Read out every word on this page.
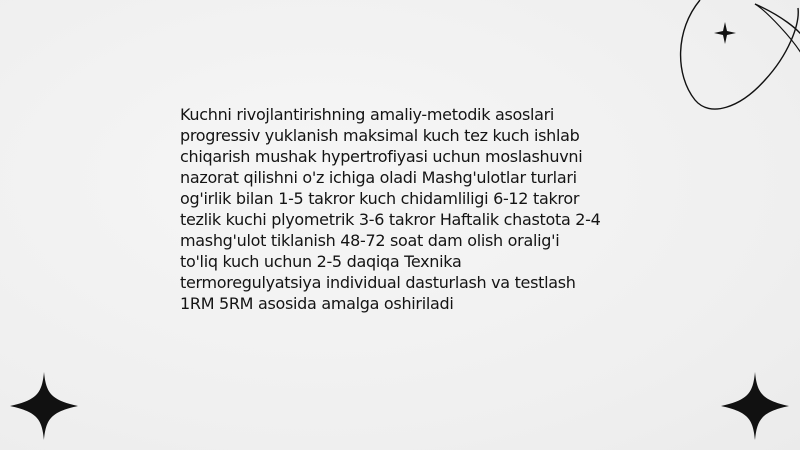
Kuchni rivojlantirishning amaliy-metodik asoslari
progressiv yuklanish maksimal kuch tez kuch ishlab
chiqarish mushak hypertrofiyasi uchun moslashuvni
nazorat qilishni o'z ichiga oladi Mashg'ulotlar turlari
og'irlik bilan 1-5 takror kuch chidamliligi 6-12 takror
tezlik kuchi plyometrik 3-6 takror Haftalik chastota 2-4
mashg'ulot tiklanish 48-72 soat dam olish oralig'i
to'liq kuch uchun 2-5 daqiqa Texnika
termoregulyatsiya individual dasturlash va testlash
1RM 5RM asosida amalga oshiriladi
